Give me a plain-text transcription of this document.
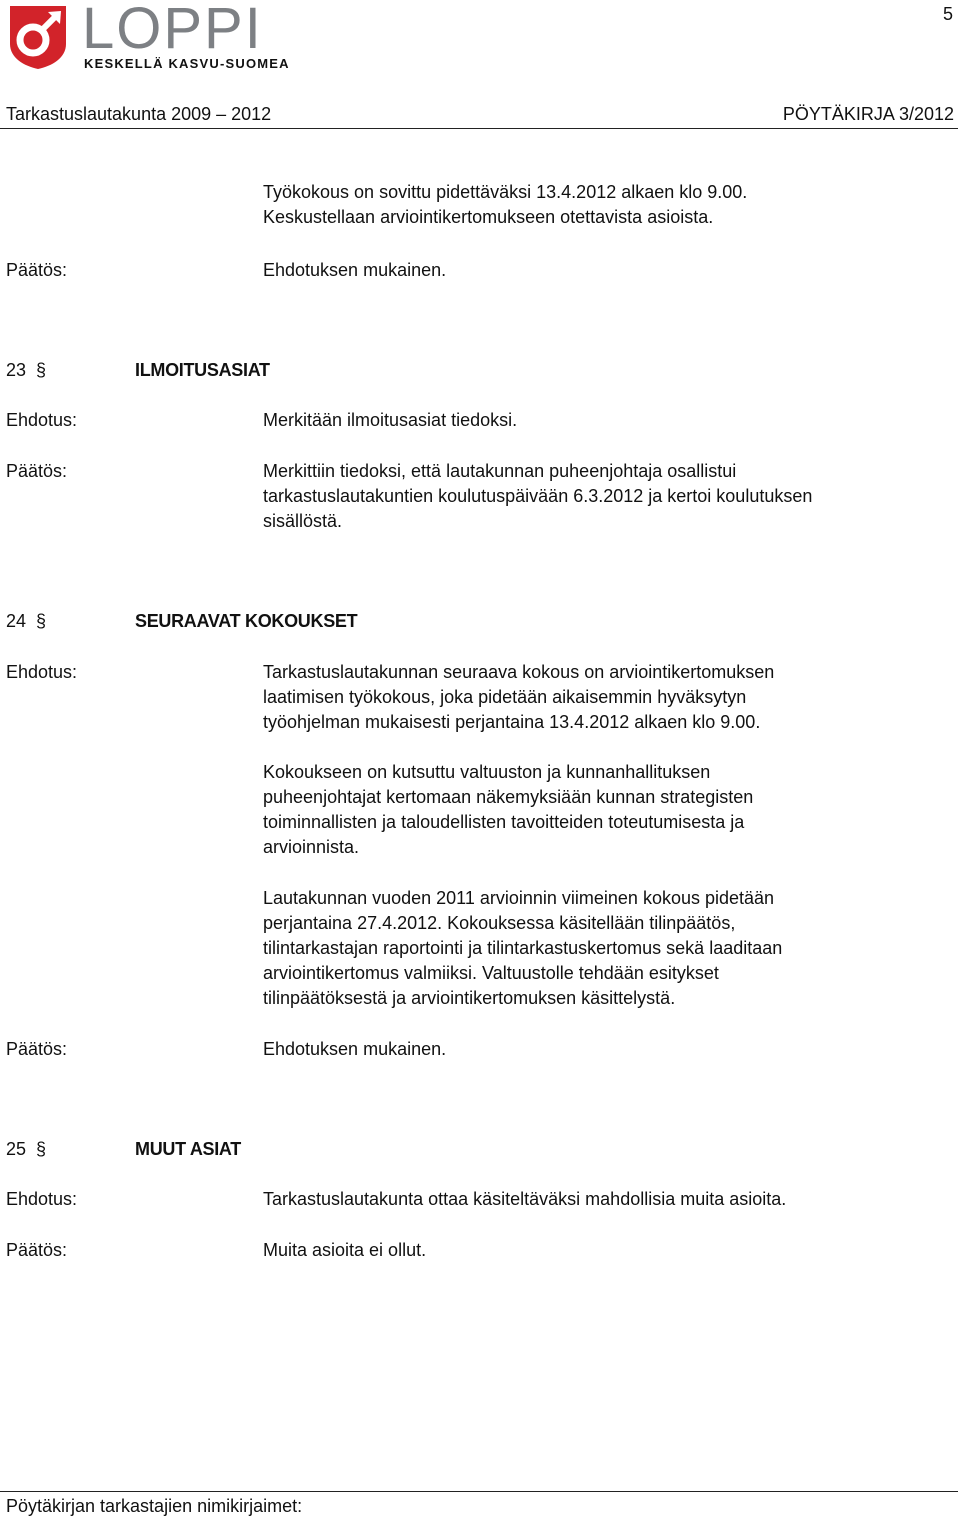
LOPPI
KESKELLÄ KASVU-SUOMEA
5
Tarkastuslautakunta 2009 – 2012	PÖYTÄKIRJA 3/2012
Työkokous on sovittu pidettäväksi 13.4.2012 alkaen klo 9.00.
Keskustellaan arviointikertomukseen otettavista asioista.
Päätös:	Ehdotuksen mukainen.
23 §	ILMOITUSASIAT
Ehdotus:	Merkitään ilmoitusasiat tiedoksi.
Päätös:	Merkittiin tiedoksi, että lautakunnan puheenjohtaja osallistui
tarkastuslautakuntien koulutuspäivään 6.3.2012 ja kertoi koulutuksen
sisällöstä.
24 §	SEURAAVAT KOKOUKSET
Ehdotus:	Tarkastuslautakunnan seuraava kokous on arviointikertomuksen
laatimisen työkokous, joka pidetään aikaisemmin hyväksytyn
työohjelman mukaisesti perjantaina 13.4.2012 alkaen klo 9.00.
Kokoukseen on kutsuttu valtuuston ja kunnanhallituksen
puheenjohtajat kertomaan näkemyksiään kunnan strategisten
toiminnallisten ja taloudellisten tavoitteiden toteutumisesta ja
arvioinnista.
Lautakunnan vuoden 2011 arvioinnin viimeinen kokous pidetään
perjantaina 27.4.2012. Kokouksessa käsitellään tilinpäätös,
tilintarkastajan raportointi ja tilintarkastuskertomus sekä laaditaan
arviointikertomus valmiiksi. Valtuustolle tehdään esitykset
tilinpäätöksestä ja arviointikertomuksen käsittelystä.
Päätös:	Ehdotuksen mukainen.
25 §	MUUT ASIAT
Ehdotus:	Tarkastuslautakunta ottaa käsiteltäväksi mahdollisia muita asioita.
Päätös:	Muita asioita ei ollut.
Pöytäkirjan tarkastajien nimikirjaimet:
